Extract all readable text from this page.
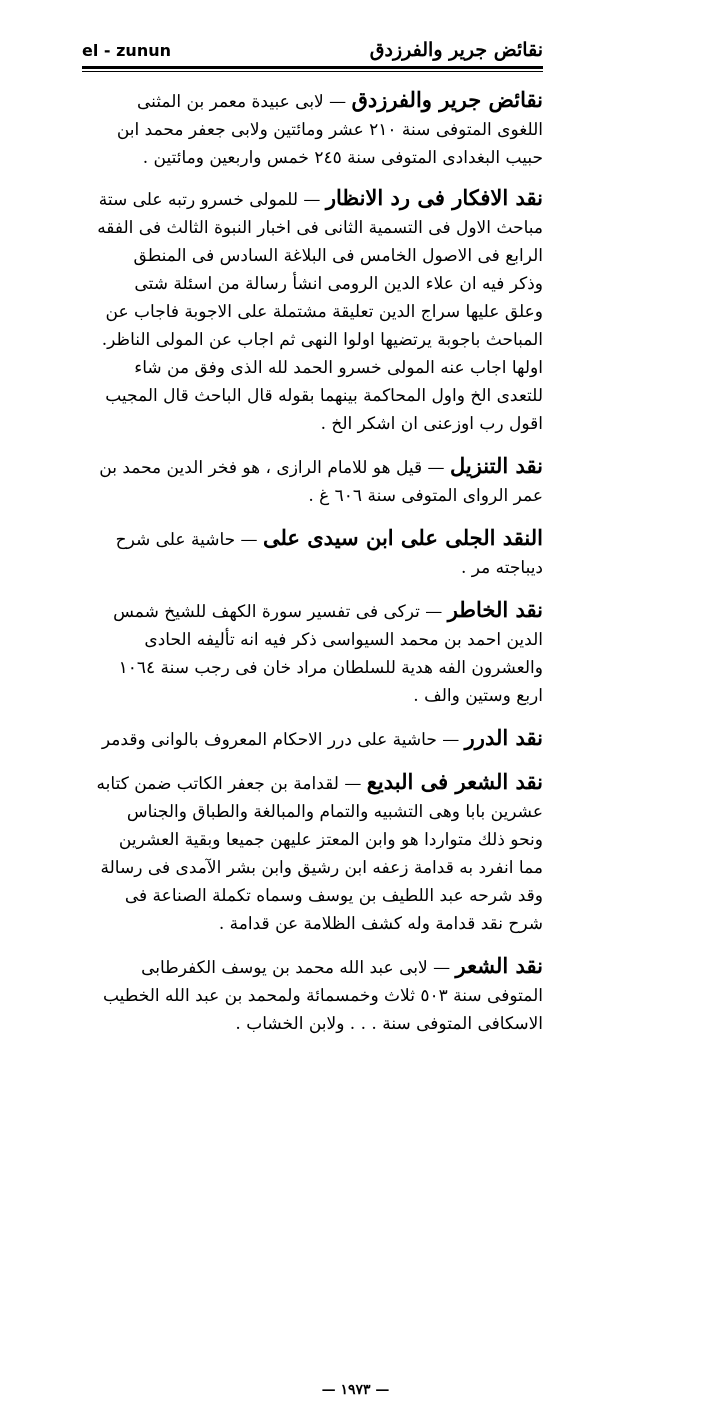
el - zunun	نقائض جرير والفرزدق

نقائض جرير والفرزدق — لابى عبيدة معمر بن المثنى اللغوى المتوفى سنة ٢١٠ عشر ومائتين ولابى جعفر محمد ابن حبيب البغدادى المتوفى سنة ٢٤٥ خمس واربعين ومائتين .

نقد الافكار فى رد الانظار — للمولى خسرو رتبه على ستة مباحث الاول فى التسمية الثانى فى اخبار النبوة الثالث فى الفقه الرابع فى الاصول الخامس فى البلاغة السادس فى المنطق وذكر فيه ان علاء الدين الرومى انشأ رسالة من اسئلة شتى وعلق عليها سراج الدين تعليقة مشتملة على الاجوبة فاجاب عن المباحث باجوبة يرتضيها اولوا النهى ثم اجاب عن المولى الناظر. اولها اجاب عنه المولى خسرو الحمد لله الذى وفق من شاء للتعدى الخ واول المحاكمة بينهما بقوله قال الباحث قال المجيب اقول رب اوزعنى ان اشكر الخ .

نقد التنزيل — قيل هو للامام الرازى ، هو فخر الدين محمد بن عمر الرواى المتوفى سنة ٦٠٦ غ .

النقد الجلى على ابن سيدى على — حاشية على شرح ديباجته مر .

نقد الخاطر — تركى فى تفسير سورة الكهف للشيخ شمس الدين احمد بن محمد السيواسى ذكر فيه انه تأليفه الحادى والعشرون الفه هدية للسلطان مراد خان فى رجب سنة ١٠٦٤ اربع وستين والف .

نقد الدرر — حاشية على درر الاحكام المعروف بالوانى وقدمر

نقد الشعر فى البديع — لقدامة بن جعفر الكاتب ضمن كتابه عشرين بابا وهى التشبيه والتمام والمبالغة والطباق والجناس ونحو ذلك متواردا هو وابن المعتز عليهن جميعا وبقية العشرين مما انفرد به قدامة زعفه ابن رشيق وابن بشر الآمدى فى رسالة وقد شرحه عبد اللطيف بن يوسف وسماه تكملة الصناعة فى شرح نقد قدامة وله كشف الظلامة عن قدامة .

نقد الشعر — لابى عبد الله محمد بن يوسف الكفرطابى المتوفى سنة ٥٠٣ ثلاث وخمسمائة ولمحمد بن عبد الله الخطيب الاسكافى المتوفى سنة . . . ولابن الخشاب .

— ١٩٧٣ —
